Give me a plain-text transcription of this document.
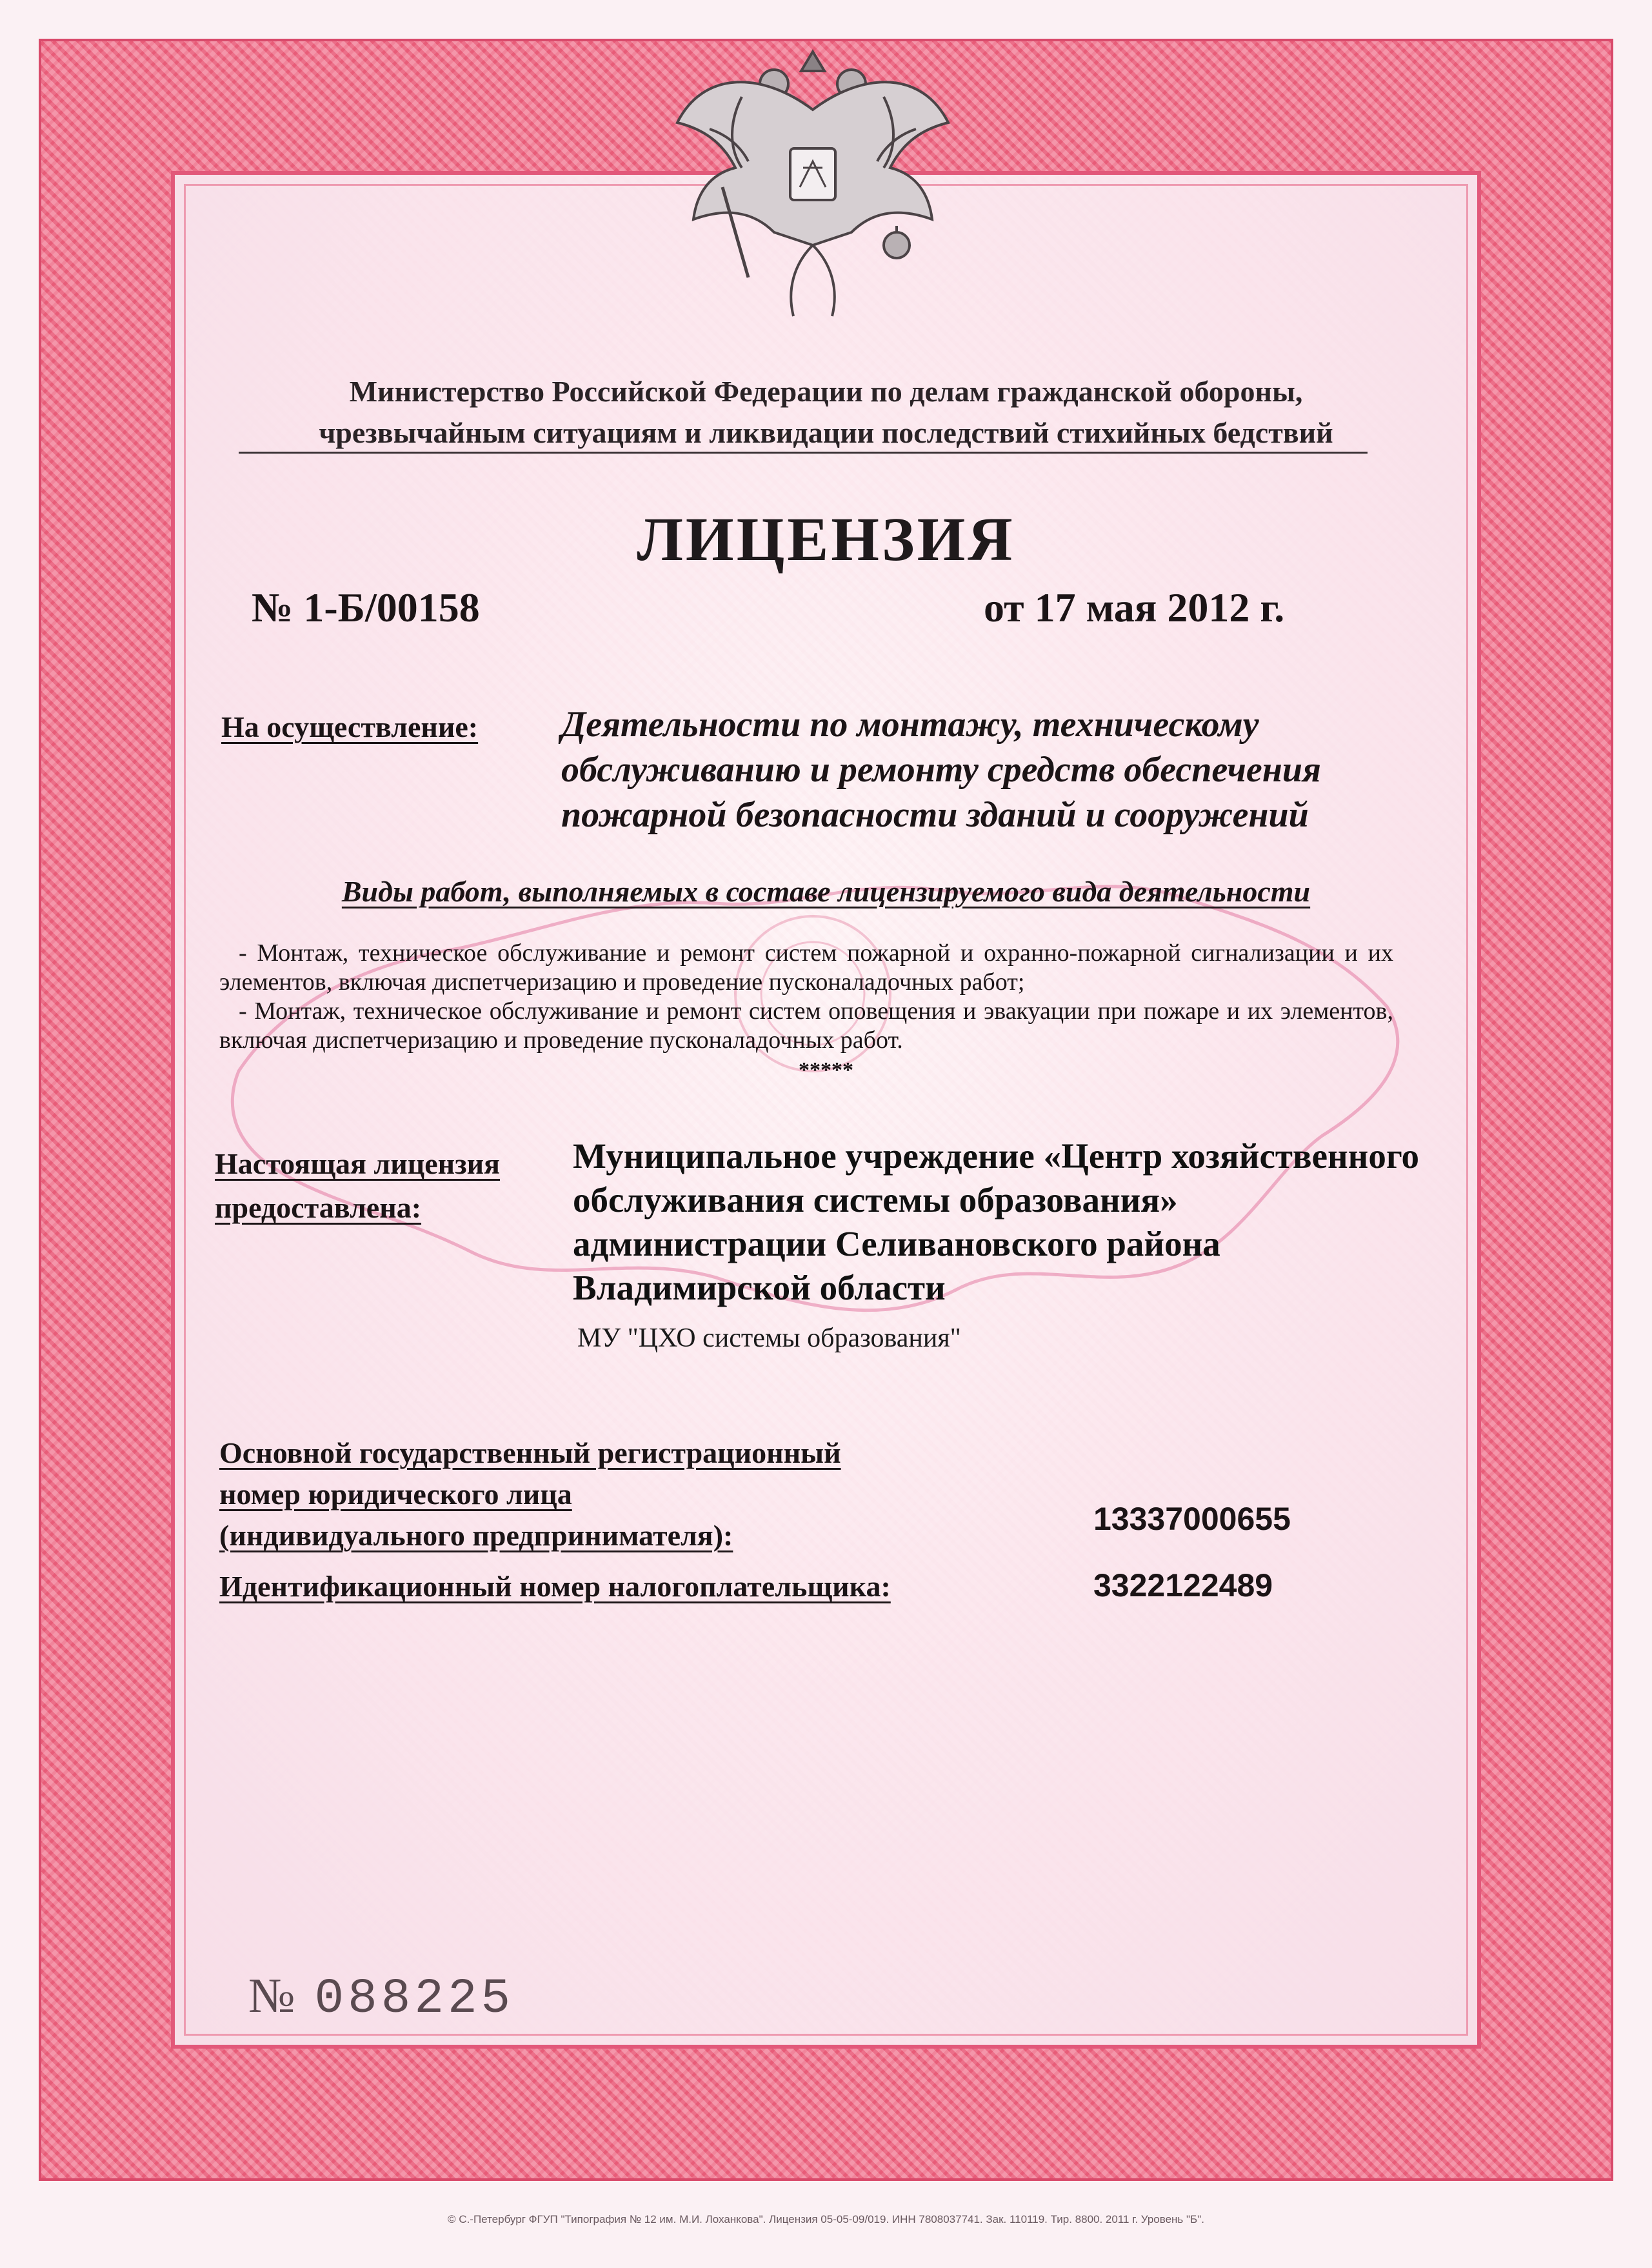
Министерство Российской Федерации по делам гражданской обороны,
чрезвычайным ситуациям и ликвидации последствий стихийных бедствий
ЛИЦЕНЗИЯ
№ 1-Б/00158	от 17 мая 2012 г.
На осуществление: Деятельности по монтажу, техническому обслуживанию и ремонту средств обеспечения пожарной безопасности зданий и сооружений
Виды работ, выполняемых в составе лицензируемого вида деятельности

- Монтаж, техническое обслуживание и ремонт систем пожарной и охранно-пожарной сигнализации и их элементов, включая диспетчеризацию и проведение пусконаладочных работ;

- Монтаж, техническое обслуживание и ремонт систем оповещения и эвакуации при пожаре и их элементов, включая диспетчеризацию и проведение пусконаладочных работ.

*****
Настоящая лицензия
предоставлена:
Муниципальное учреждение «Центр хозяйственного обслуживания системы образования» администрации Селивановского района Владимирской области
МУ "ЦХО системы образования"
Основной государственный регистрационный
номер юридического лица
(индивидуального предпринимателя):	13337000655
Идентификационный номер налогоплательщика:	3322122489
№ 088225
© С.-Петербург ФГУП "Типография № 12 им. М.И. Лоханкова". Лицензия 05-05-09/019. ИНН 7808037741. Зак. 110119. Тир. 8800. 2011 г. Уровень "Б".
